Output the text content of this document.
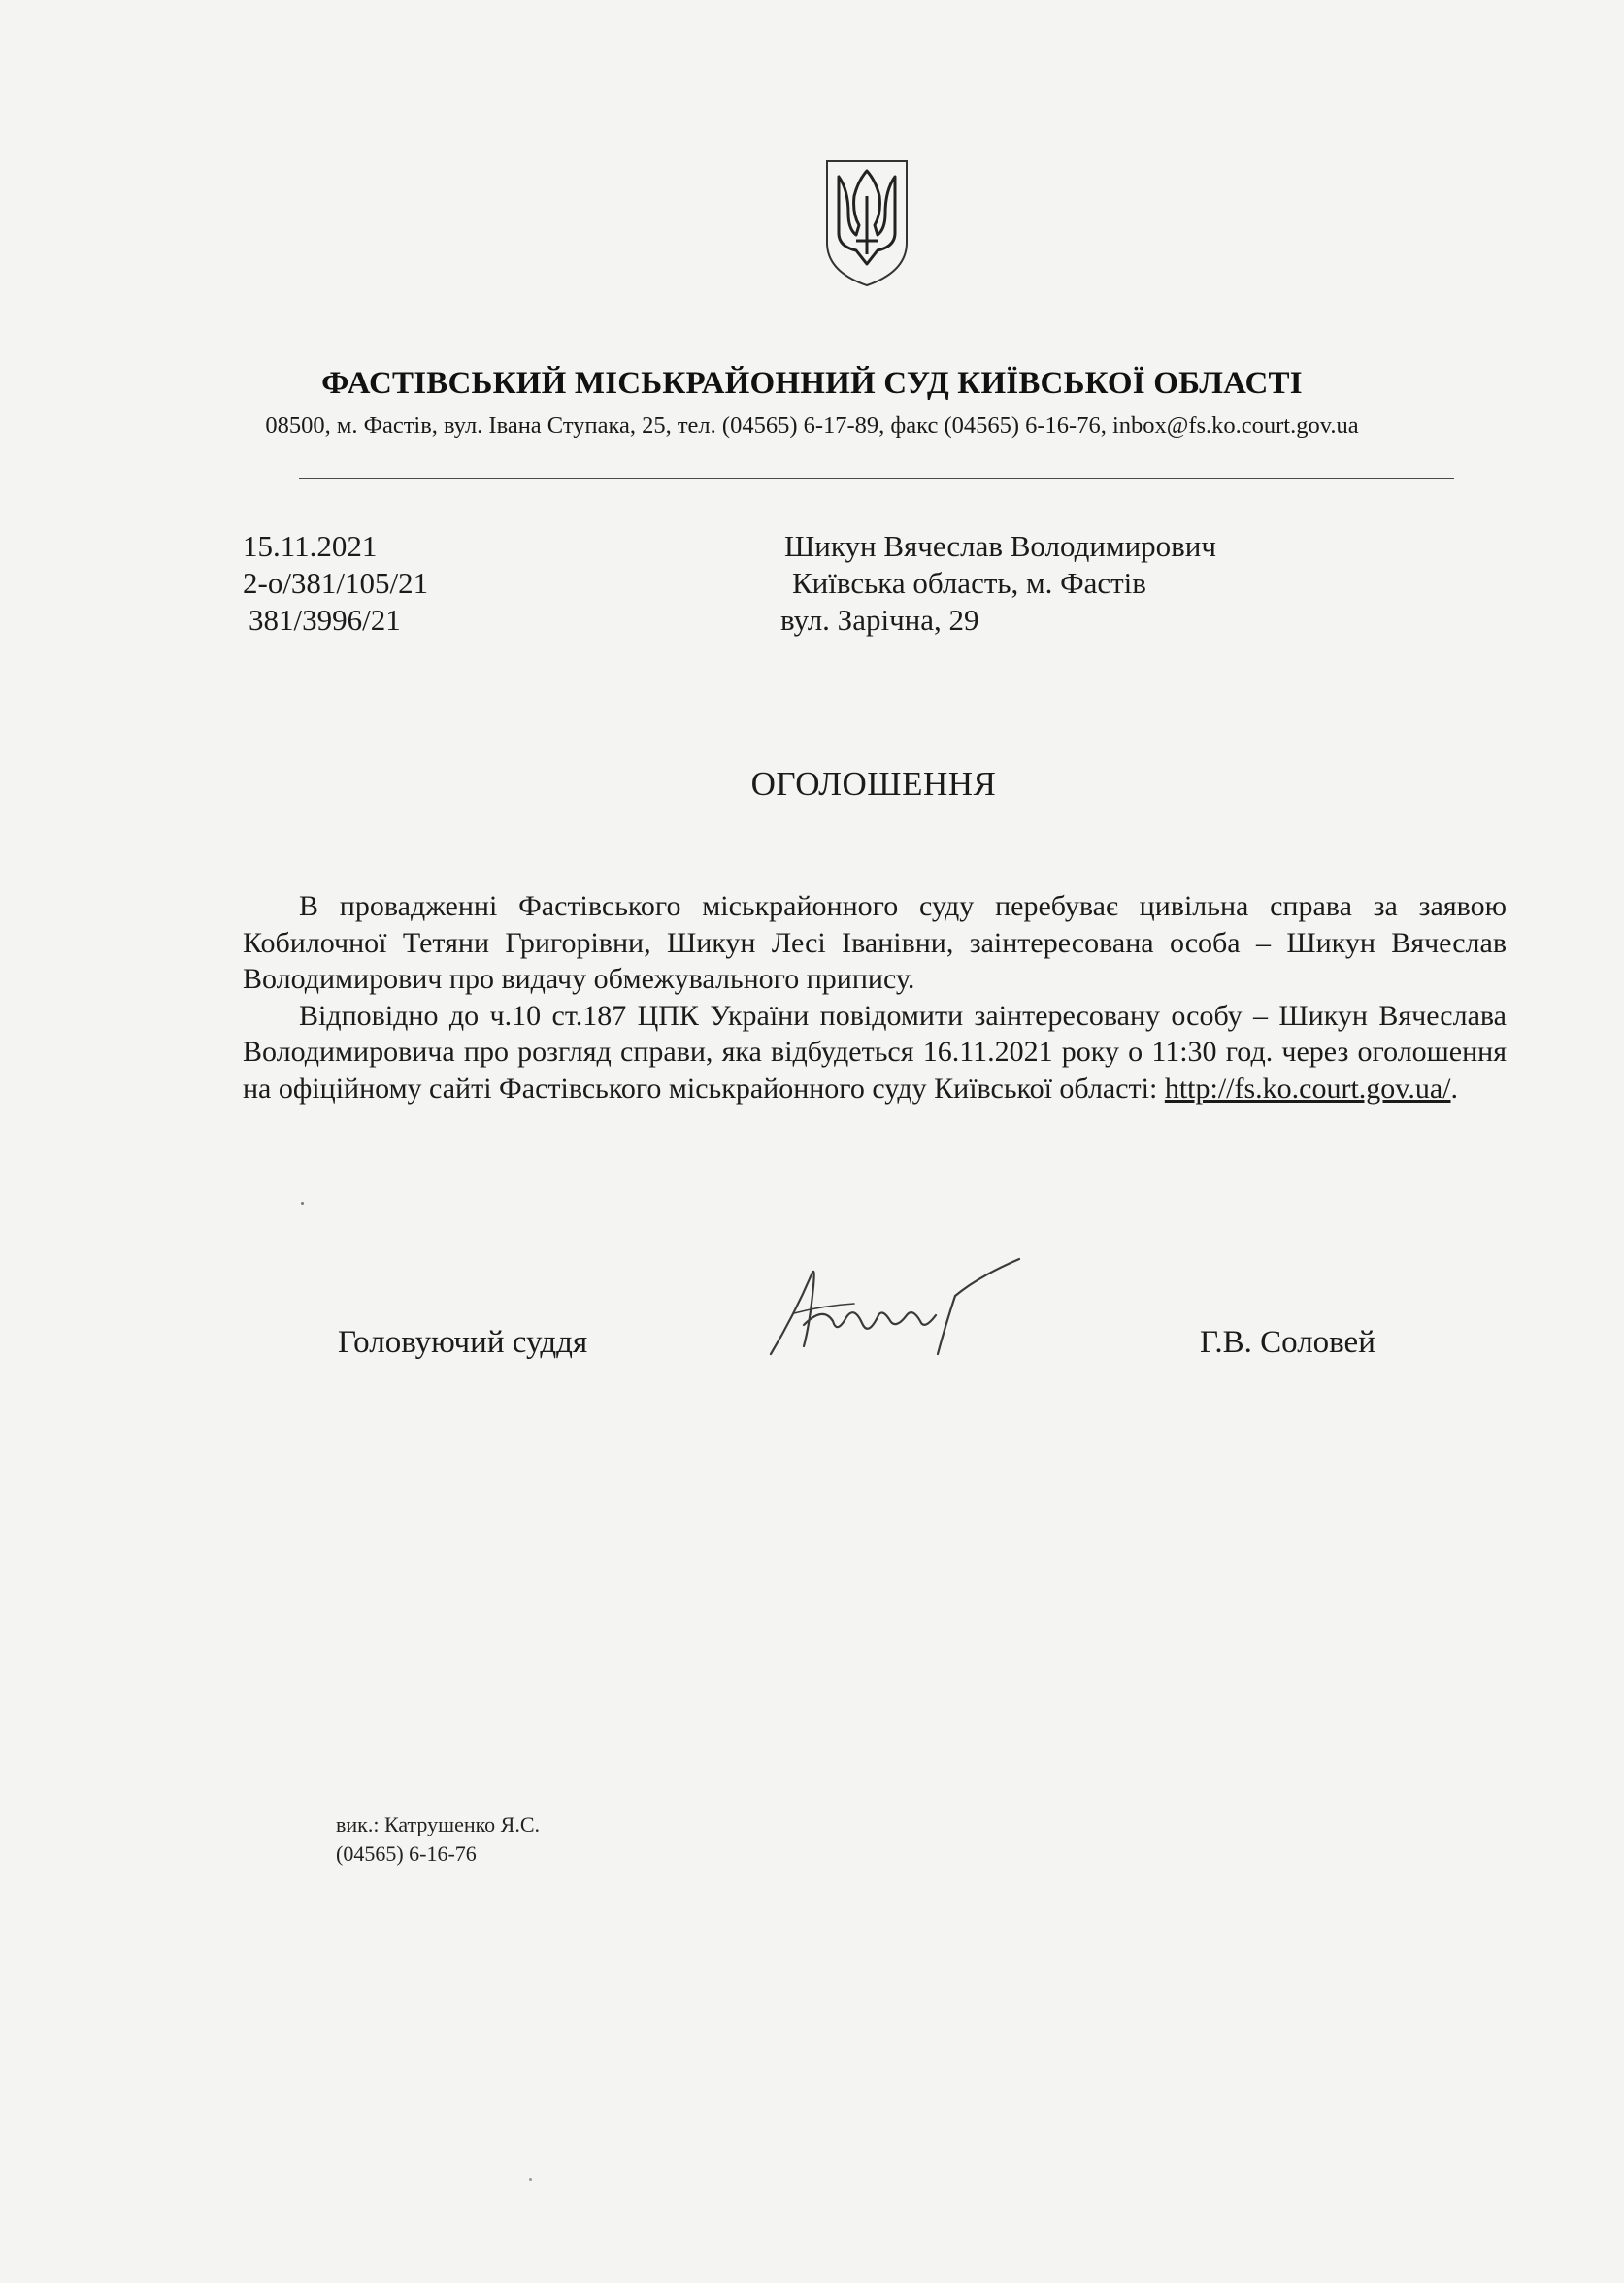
ФАСТІВСЬКИЙ МІСЬКРАЙОННИЙ СУД КИЇВСЬКОЇ ОБЛАСТІ
08500, м. Фастів, вул. Івана Ступака, 25, тел. (04565) 6-17-89, факс (04565) 6-16-76, inbox@fs.ko.court.gov.ua
15.11.2021
2-о/381/105/21
381/3996/21
Шикун Вячеслав Володимирович
Київська область, м. Фастів
вул. Зарічна, 29
ОГОЛОШЕННЯ

В провадженні Фастівського міськрайонного суду перебуває цивільна справа за заявою Кобилочної Тетяни Григорівни, Шикун Лесі Іванівни, заінтересована особа – Шикун Вячеслав Володимирович про видачу обмежувального припису.

Відповідно до ч.10 ст.187 ЦПК України повідомити заінтересовану особу – Шикун Вячеслава Володимировича про розгляд справи, яка відбудеться 16.11.2021 року о 11:30 год. через оголошення на офіційному сайті Фастівського міськрайонного суду Київської області: http://fs.ko.court.gov.ua/.

Головуючий суддя	Г.В. Соловей
вик.: Катрушенко Я.С.
(04565) 6-16-76
